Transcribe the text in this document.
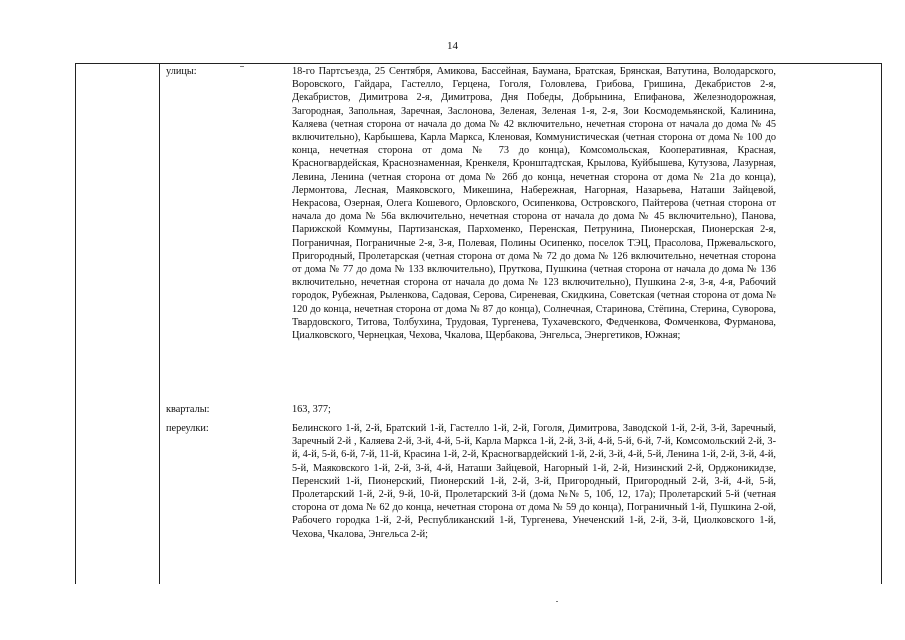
14
улицы:	18-го Партсъезда, 25 Сентября, Амикова, Бассейная, Баумана, Братская, Брянская, Ватутина, Володарского, Воровского, Гайдара, Гастелло, Герцена, Гоголя, Головлева, Грибова, Гришина, Декабристов 2-я, Декабристов, Димитрова 2-я, Димитрова, Дня Победы, Добрынина, Епифанова, Железнодорожная, Загородная, Запольная, Заречная, Заслонова, Зеленая, Зеленая 1-я, 2-я, Зои Космодемьянской, Калинина, Каляева (четная сторона от начала до дома № 42 включительно, нечетная сторона от начала до дома № 45 включительно), Карбышева, Карла Маркса, Кленовая, Коммунистическая (четная сторона от дома № 100 до конца, нечетная сторона от дома № 73 до конца), Комсомольская, Кооперативная, Красная, Красногвардейская, Краснознаменная, Кренкеля, Кронштадтская, Крылова, Куйбышева, Кутузова, Лазурная, Левина, Ленина (четная сторона от дома № 26б до конца, нечетная сторона от дома № 21а до конца), Лермонтова, Лесная, Маяковского, Микешина, Набережная, Нагорная, Назарьева, Наташи Зайцевой, Некрасова, Озерная, Олега Кошевого, Орловского, Осипенкова, Островского, Пайтерова (четная сторона от начала до дома № 56а включительно, нечетная сторона от начала до дома № 45 включительно), Панова, Парижской Коммуны, Партизанская, Пархоменко, Перенская, Петрунина, Пионерская, Пионерская 2-я, Пограничная, Пограничные 2-я, 3-я, Полевая, Полины Осипенко, поселок ТЭЦ, Прасолова, Пржевальского, Пригородный, Пролетарская (четная сторона от дома № 72 до дома № 126 включительно, нечетная сторона от дома № 77 до дома № 133 включительно), Пруткова, Пушкина (четная сторона от начала до дома № 136 включительно, нечетная сторона от начала до дома № 123 включительно), Пушкина 2-я, 3-я, 4-я, Рабочий городок, Рубежная, Рыленкова, Садовая, Серова, Сиреневая, Скидкина, Советская (четная сторона от дома № 120 до конца, нечетная сторона от дома № 87 до конца), Солнечная, Старинова, Стёпина, Стерина, Суворова, Твардовского, Титова, Толбухина, Трудовая, Тургенева, Тухачевского, Федченкова, Фомченкова, Фурманова, Циалковского, Чернецкая, Чехова, Чкалова, Щербакова, Энгельса, Энергетиков, Южная;
кварталы:	163, 377;
переулки:	Белинского 1-й, 2-й, Братский 1-й, Гастелло 1-й, 2-й, Гоголя, Димитрова, Заводской 1-й, 2-й, 3-й, Заречный, Заречный 2-й , Каляева 2-й, 3-й, 4-й, 5-й, Карла Маркса 1-й, 2-й, 3-й, 4-й, 5-й, 6-й, 7-й, Комсомольский 2-й, 3-й, 4-й, 5-й, 6-й, 7-й, 11-й, Красина 1-й, 2-й, Красногвардейский 1-й, 2-й, 3-й, 4-й, 5-й, Ленина 1-й, 2-й, 3-й, 4-й, 5-й, Маяковского 1-й, 2-й, 3-й, 4-й, Наташи Зайцевой, Нагорный 1-й, 2-й, Низинский 2-й, Орджоникидзе, Перенский 1-й, Пионерский, Пионерский 1-й, 2-й, 3-й, Пригородный, Пригородный 2-й, 3-й, 4-й, 5-й, Пролетарский 1-й, 2-й, 9-й, 10-й, Пролетарский 3-й (дома №№ 5, 10б, 12, 17а); Пролетарский 5-й (четная сторона от дома № 62 до конца, нечетная сторона от дома № 59 до конца), Пограничный 1-й, Пушкина 2-ой, Рабочего городка 1-й, 2-й, Республиканский 1-й, Тургенева, Унеченский 1-й, 2-й, 3-й, Циолковского 1-й, Чехова, Чкалова, Энгельса 2-й;
